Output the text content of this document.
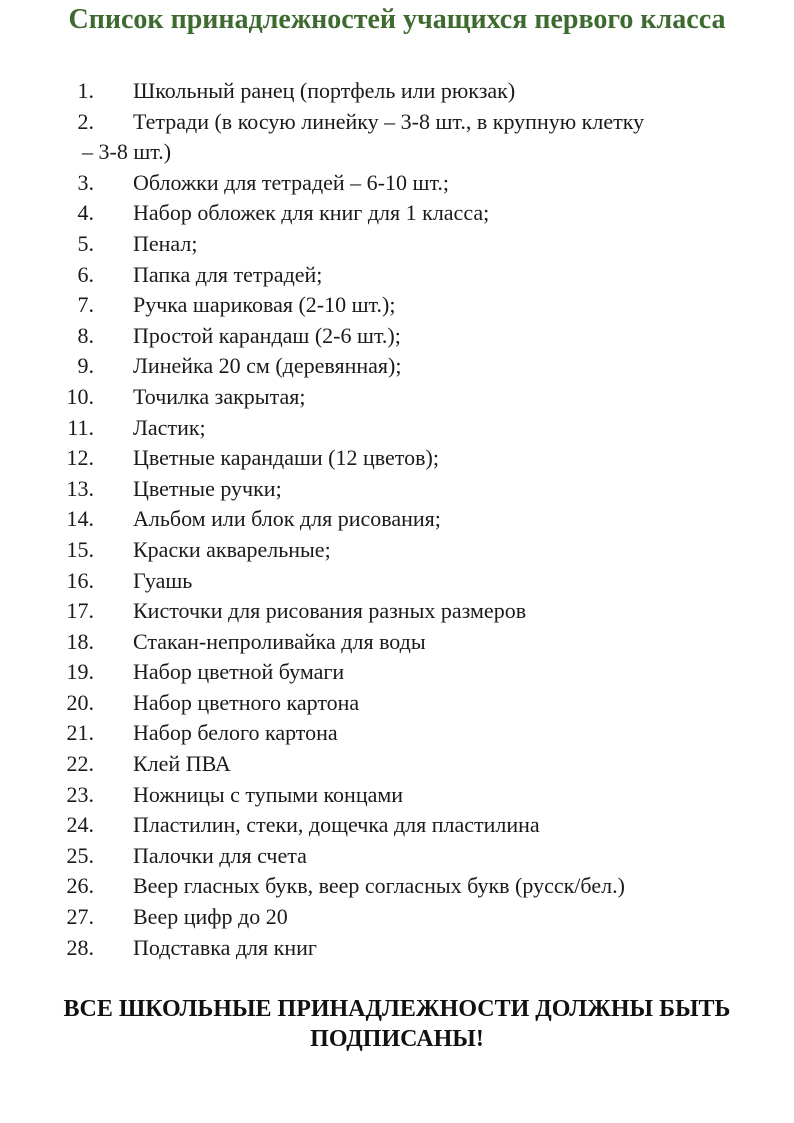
Список принадлежностей учащихся первого класса
1. Школьный ранец (портфель или рюкзак)
2. Тетради (в косую линейку – 3-8 шт., в крупную клетку
– 3-8 шт.)
3. Обложки для тетрадей – 6-10 шт.;
4. Набор обложек для книг для 1 класса;
5. Пенал;
6. Папка для тетрадей;
7. Ручка шариковая (2-10 шт.);
8. Простой карандаш (2-6 шт.);
9. Линейка 20 см (деревянная);
10. Точилка закрытая;
11. Ластик;
12. Цветные карандаши (12 цветов);
13. Цветные ручки;
14. Альбом или блок для рисования;
15. Краски акварельные;
16. Гуашь
17. Кисточки для рисования разных размеров
18. Стакан-непроливайка для воды
19. Набор цветной бумаги
20. Набор цветного картона
21. Набор белого картона
22. Клей ПВА
23. Ножницы с тупыми концами
24. Пластилин, стеки, дощечка для пластилина
25. Палочки для счета
26. Веер гласных букв, веер согласных букв (русск/бел.)
27. Веер цифр до 20
28. Подставка для книг

ВСЕ ШКОЛЬНЫЕ ПРИНАДЛЕЖНОСТИ ДОЛЖНЫ БЫТЬ ПОДПИСАНЫ!
